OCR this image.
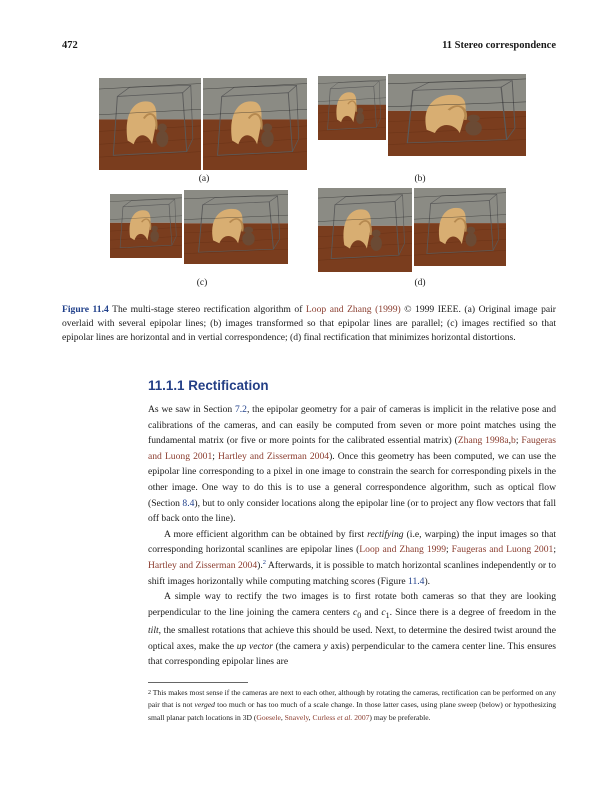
472	11 Stereo correspondence
(a)	(b)
(c)	(d)
Figure 11.4 The multi-stage stereo rectification algorithm of Loop and Zhang (1999) © 1999 IEEE. (a) Original image pair overlaid with several epipolar lines; (b) images transformed so that epipolar lines are parallel; (c) images rectified so that epipolar lines are horizontal and in vertial correspondence; (d) final rectification that minimizes horizontal distortions.
11.1.1 Rectification

As we saw in Section 7.2, the epipolar geometry for a pair of cameras is implicit in the relative pose and calibrations of the cameras, and can easily be computed from seven or more point matches using the fundamental matrix (or five or more points for the calibrated essential matrix) (Zhang 1998a,b; Faugeras and Luong 2001; Hartley and Zisserman 2004). Once this geometry has been computed, we can use the epipolar line corresponding to a pixel in one image to constrain the search for corresponding pixels in the other image. One way to do this is to use a general correspondence algorithm, such as optical flow (Section 8.4), but to only consider locations along the epipolar line (or to project any flow vectors that fall off back onto the line).

A more efficient algorithm can be obtained by first rectifying (i.e, warping) the input images so that corresponding horizontal scanlines are epipolar lines (Loop and Zhang 1999; Faugeras and Luong 2001; Hartley and Zisserman 2004).$^2$ Afterwards, it is possible to match horizontal scanlines independently or to shift images horizontally while computing matching scores (Figure 11.4).

A simple way to rectify the two images is to first rotate both cameras so that they are looking perpendicular to the line joining the camera centers $c_0$ and $c_1$. Since there is a degree of freedom in the tilt, the smallest rotations that achieve this should be used. Next, to determine the desired twist around the optical axes, make the up vector (the camera y axis) perpendicular to the camera center line. This ensures that corresponding epipolar lines are

$^2$ This makes most sense if the cameras are next to each other, although by rotating the cameras, rectification can be performed on any pair that is not verged too much or has too much of a scale change. In those latter cases, using plane sweep (below) or hypothesizing small planar patch locations in 3D (Goesele, Snavely, Curless et al. 2007) may be preferable.
